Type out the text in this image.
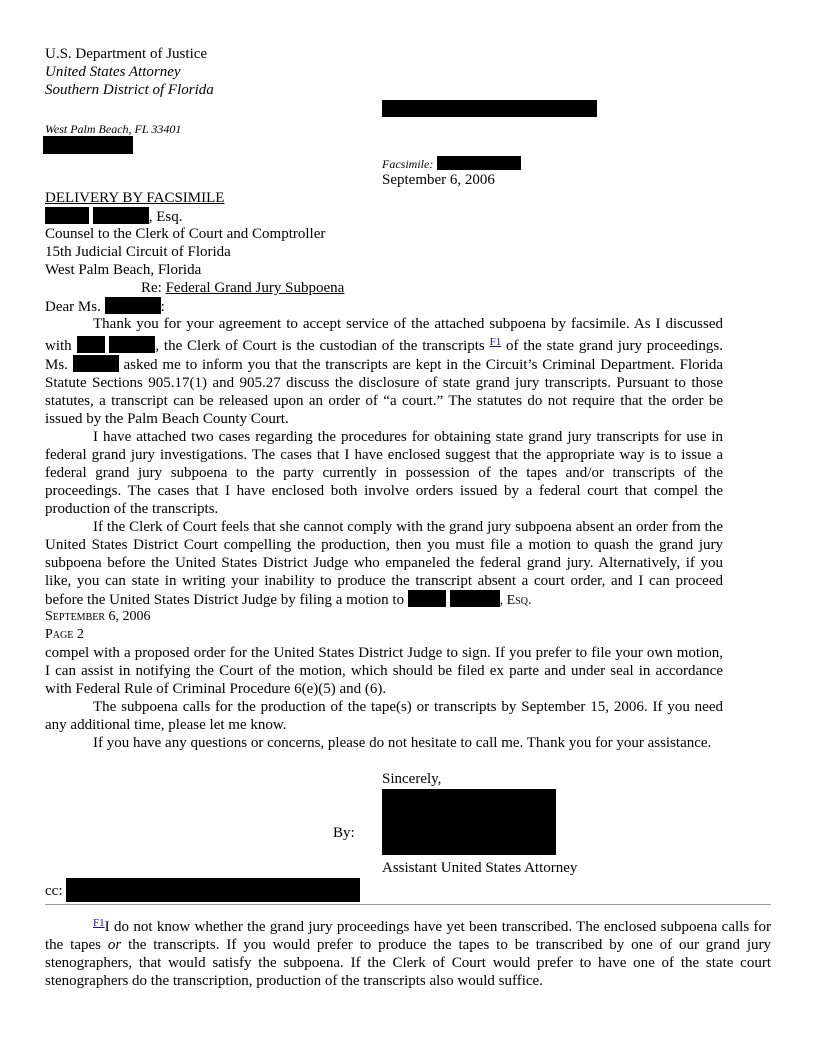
U.S. Department of Justice
United States Attorney
Southern District of Florida
West Palm Beach, FL 33401
Facsimile:
September 6, 2006
DELIVERY BY FACSIMILE
, Esq.
Counsel to the Clerk of Court and Comptroller
15th Judicial Circuit of Florida
West Palm Beach, Florida
Re: Federal Grand Jury Subpoena
Dear Ms.	:
Thank you for your agreement to accept service of the attached subpoena by facsimile. As I discussed with	, the Clerk of Court is the custodian of the transcripts $^{F1}$ of the state grand jury proceedings. Ms.	asked me to inform you that the transcripts are kept in the Circuit’s Criminal Department. Florida Statute Sections 905.17(1) and 905.27 discuss the disclosure of state grand jury transcripts. Pursuant to those statutes, a transcript can be released upon an order of “a court.” The statutes do not require that the order be issued by the Palm Beach County Court.
I have attached two cases regarding the procedures for obtaining state grand jury transcripts for use in federal grand jury investigations. The cases that I have enclosed suggest that the appropriate way is to issue a federal grand jury subpoena to the party currently in possession of the tapes and/or transcripts of the proceedings. The cases that I have enclosed both involve orders issued by a federal court that compel the production of the transcripts.
If the Clerk of Court feels that she cannot comply with the grand jury subpoena absent an order from the United States District Court compelling the production, then you must file a motion to quash the grand jury subpoena before the United States District Judge who empaneled the federal grand jury. Alternatively, if you like, you can state in writing your inability to produce the transcript absent a court order, and I can proceed before the United States District Judge by filing a motion to	, Esq.
September 6, 2006
Page 2
compel with a proposed order for the United States District Judge to sign. If you prefer to file your own motion, I can assist in notifying the Court of the motion, which should be filed ex parte and under seal in accordance with Federal Rule of Criminal Procedure 6(e)(5) and (6).
The subpoena calls for the production of the tape(s) or transcripts by September 15, 2006. If you need any additional time, please let me know.
If you have any questions or concerns, please do not hesitate to call me. Thank you for your assistance.
Sincerely,
By:
Assistant United States Attorney
cc:
$^{F1}$I do not know whether the grand jury proceedings have yet been transcribed. The enclosed subpoena calls for the tapes or the transcripts. If you would prefer to produce the tapes to be transcribed by one of our grand jury stenographers, that would satisfy the subpoena. If the Clerk of Court would prefer to have one of the state court stenographers do the transcription, production of the transcripts also would suffice.
